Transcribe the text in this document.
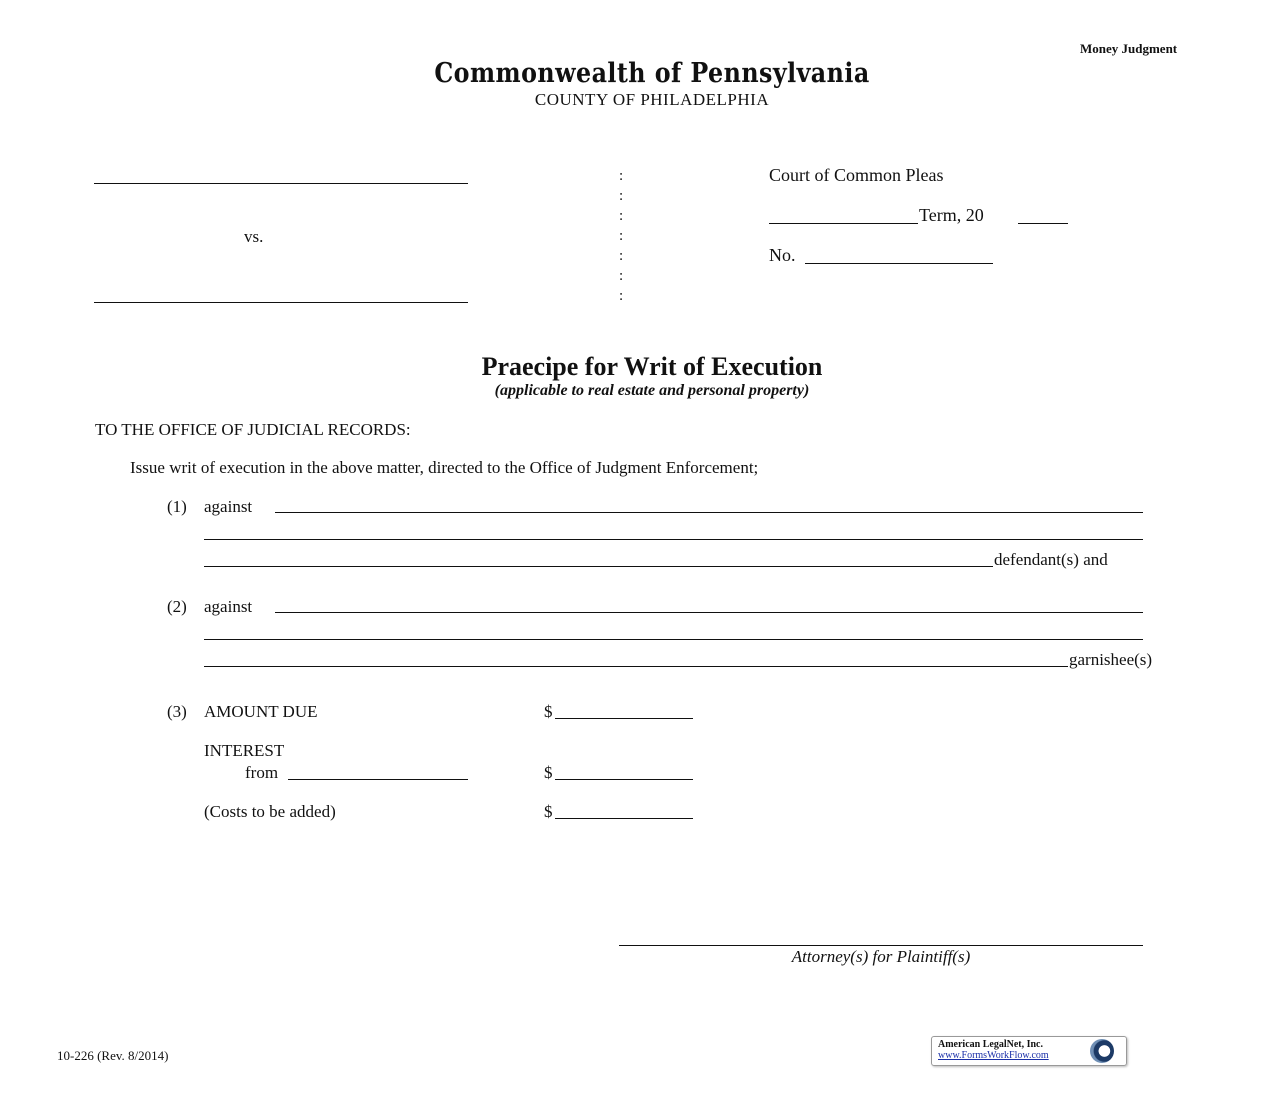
Money Judgment
Commonwealth of Pennsylvania
COUNTY OF PHILADELPHIA
vs.
:
:
:
:
:
:
:
Court of Common Pleas
Term, 20
No.
Praecipe for Writ of Execution
(applicable to real estate and personal property)
TO THE OFFICE OF JUDICIAL RECORDS:
Issue writ of execution in the above matter, directed to the Office of Judgment Enforcement;
(1) against
defendant(s) and
(2) against
garnishee(s)
(3) AMOUNT DUE	$
INTEREST
from	$
(Costs to be added)	$
Attorney(s) for Plaintiff(s)
10-226 (Rev. 8/2014)
American LegalNet, Inc.
www.FormsWorkFlow.com
